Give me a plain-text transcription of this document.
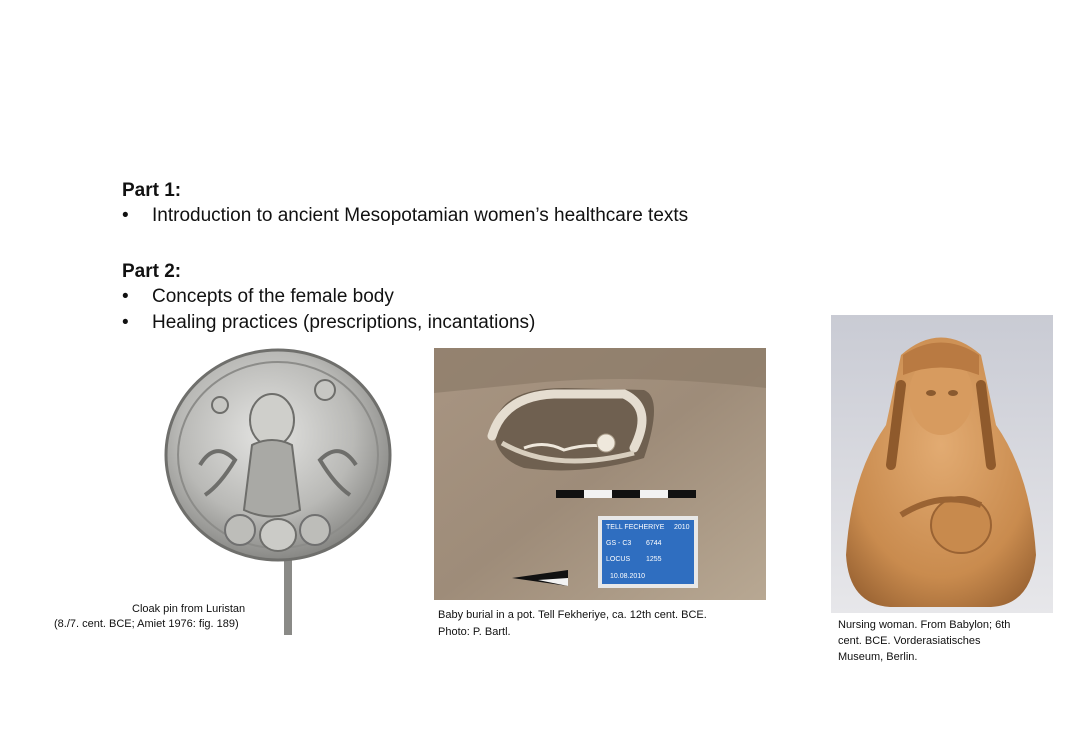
Part 1:
•	Introduction to ancient Mesopotamian women’s healthcare texts
Part 2:
•	Concepts of the female body
•	Healing practices (prescriptions, incantations)
Cloak pin from Luristan
(8./7. cent. BCE; Amiet 1976: fig. 189)
TELL FECHERIYE 2010
GS - C3 6744
LOCUS 1255
10.08.2010
Baby burial in a pot. Tell Fekheriye, ca. 12th cent. BCE.
Photo: P. Bartl.
Nursing woman. From Babylon; 6th
cent. BCE. Vorderasiatisches
Museum, Berlin.
